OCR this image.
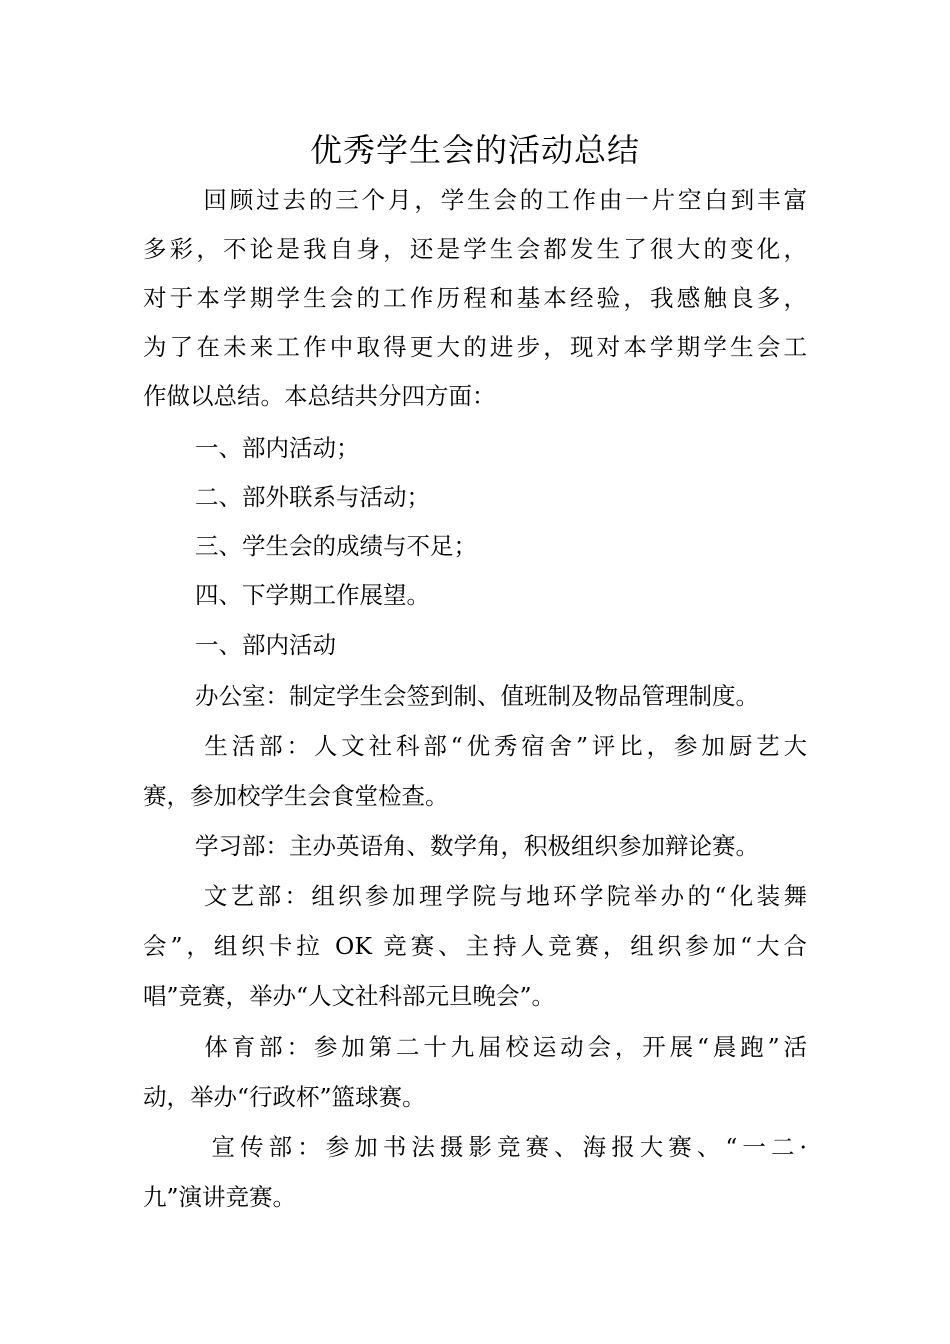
优秀学生会的活动总结
　回顾过去的三个月，学生会的工作由一片空白到丰富
多彩，不论是我自身，还是学生会都发生了很大的变化，
对于本学期学生会的工作历程和基本经验，我感触良多，
为了在未来工作中取得更大的进步，现对本学期学生会工
作做以总结。本总结共分四方面：
一、部内活动；
二、部外联系与活动；
三、学生会的成绩与不足；
四、下学期工作展望。
一、部内活动
办公室：制定学生会签到制、值班制及物品管理制度。
　生活部：人文社科部“优秀宿舍”评比，参加厨艺大
赛，参加校学生会食堂检查。
学习部：主办英语角、数学角，积极组织参加辩论赛。
　文艺部：组织参加理学院与地环学院举办的“化装舞
会”，组织卡拉 OK 竞赛、主持人竞赛，组织参加“大合
唱”竞赛，举办“人文社科部元旦晚会”。
　体育部：参加第二十九届校运动会，开展“晨跑”活
动，举办“行政杯”篮球赛。
　宣传部：参加书法摄影竞赛、海报大赛、“一二·
九”演讲竞赛。
